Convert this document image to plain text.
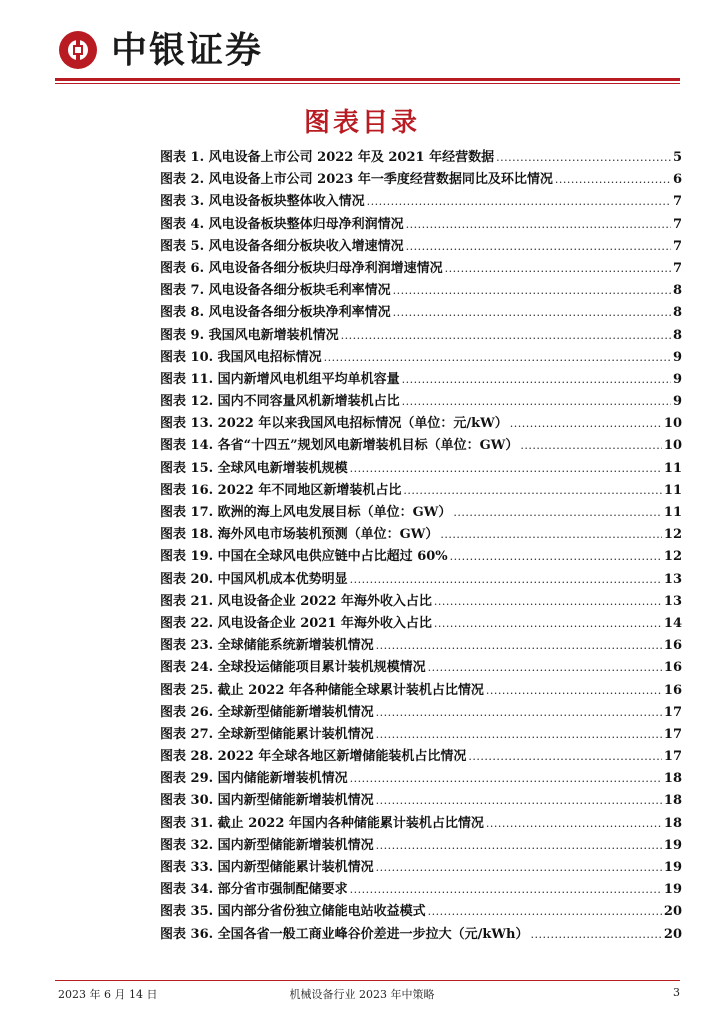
中银证券
图表目录
图表 1. 风电设备上市公司 2022 年及 2021 年经营数据 .....	5
图表 2. 风电设备上市公司 2023 年一季度经营数据同比及环比情况 .....	6
图表 3. 风电设备板块整体收入情况 .....	7
图表 4. 风电设备板块整体归母净利润情况 .....	7
图表 5. 风电设备各细分板块收入增速情况 .....	7
图表 6. 风电设备各细分板块归母净利润增速情况 .....	7
图表 7. 风电设备各细分板块毛利率情况 .....	8
图表 8. 风电设备各细分板块净利率情况 .....	8
图表 9. 我国风电新增装机情况 .....	8
图表 10. 我国风电招标情况 .....	9
图表 11. 国内新增风电机组平均单机容量 .....	9
图表 12. 国内不同容量风机新增装机占比 .....	9
图表 13. 2022 年以来我国风电招标情况（单位：元/kW） .....	10
图表 14. 各省“十四五”规划风电新增装机目标（单位：GW） .....	10
图表 15. 全球风电新增装机规模 .....	11
图表 16. 2022 年不同地区新增装机占比 .....	11
图表 17. 欧洲的海上风电发展目标（单位：GW） .....	11
图表 18. 海外风电市场装机预测（单位：GW） .....	12
图表 19. 中国在全球风电供应链中占比超过 60% .....	12
图表 20. 中国风机成本优势明显 .....	13
图表 21. 风电设备企业 2022 年海外收入占比 .....	13
图表 22. 风电设备企业 2021 年海外收入占比 .....	14
图表 23. 全球储能系统新增装机情况 .....	16
图表 24. 全球投运储能项目累计装机规模情况 .....	16
图表 25. 截止 2022 年各种储能全球累计装机占比情况 .....	16
图表 26. 全球新型储能新增装机情况 .....	17
图表 27. 全球新型储能累计装机情况 .....	17
图表 28. 2022 年全球各地区新增储能装机占比情况 .....	17
图表 29. 国内储能新增装机情况 .....	18
图表 30. 国内新型储能新增装机情况 .....	18
图表 31. 截止 2022 年国内各种储能累计装机占比情况 .....	18
图表 32. 国内新型储能新增装机情况 .....	19
图表 33. 国内新型储能累计装机情况 .....	19
图表 34. 部分省市强制配储要求 .....	19
图表 35. 国内部分省份独立储能电站收益模式 .....	20
图表 36. 全国各省一般工商业峰谷价差进一步拉大（元/kWh） .....	20
2023 年 6 月 14 日	机械设备行业 2023 年中策略	3
